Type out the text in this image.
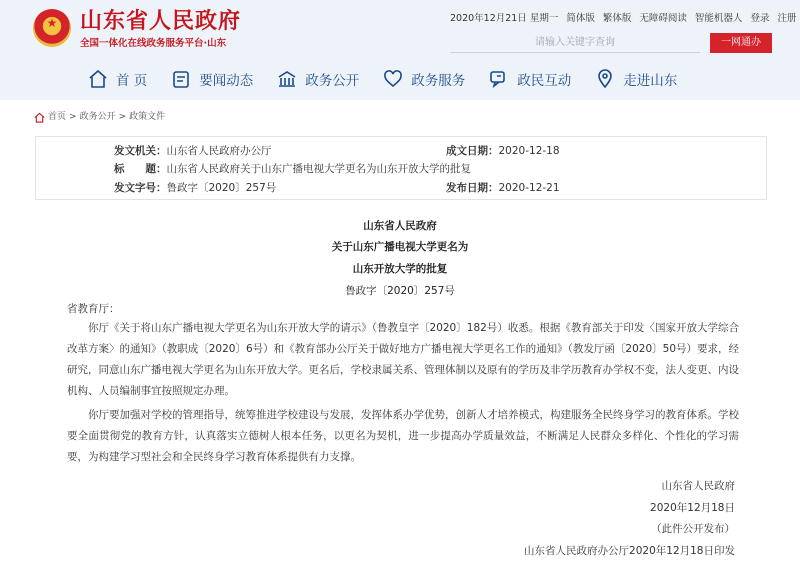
★	山东省人民政府
全国一体化在线政务服务平台·山东
2020年12月21日 星期一 简体版 繁体版 无障碍阅读 智能机器人 登录 注册
请输入关键字查询
一网通办
首 页	要闻动态	政务公开	政务服务	政民互动	走进山东
首页 > 政务公开 > 政策文件
发文机关：山东省人民政府办公厅	成文日期：2020-12-18
标　　题：山东省人民政府关于山东广播电视大学更名为山东开放大学的批复
发文字号：鲁政字〔2020〕257号	发布日期：2020-12-21
山东省人民政府
关于山东广播电视大学更名为
山东开放大学的批复
鲁政字〔2020〕257号
省教育厅：
你厅《关于将山东广播电视大学更名为山东开放大学的请示》（鲁教皇字〔2020〕182号）收悉。根据《教育部关于印发〈国家开放大学综合改革方案〉的通知》（教职成〔2020〕6号）和《教育部办公厅关于做好地方广播电视大学更名工作的通知》（教发厅函〔2020〕50号）要求，经研究，同意山东广播电视大学更名为山东开放大学。更名后，学校隶属关系、管理体制以及原有的学历及非学历教育办学权不变，法人变更、内设机构、人员编制事宜按照规定办理。
你厅要加强对学校的管理指导，统筹推进学校建设与发展，发挥体系办学优势，创新人才培养模式，构建服务全民终身学习的教育体系。学校要全面贯彻党的教育方针，认真落实立德树人根本任务，以更名为契机，进一步提高办学质量效益，不断满足人民群众多样化、个性化的学习需要，为构建学习型社会和全民终身学习教育体系提供有力支撑。
山东省人民政府
2020年12月18日
（此件公开发布）
山东省人民政府办公厅2020年12月18日印发
